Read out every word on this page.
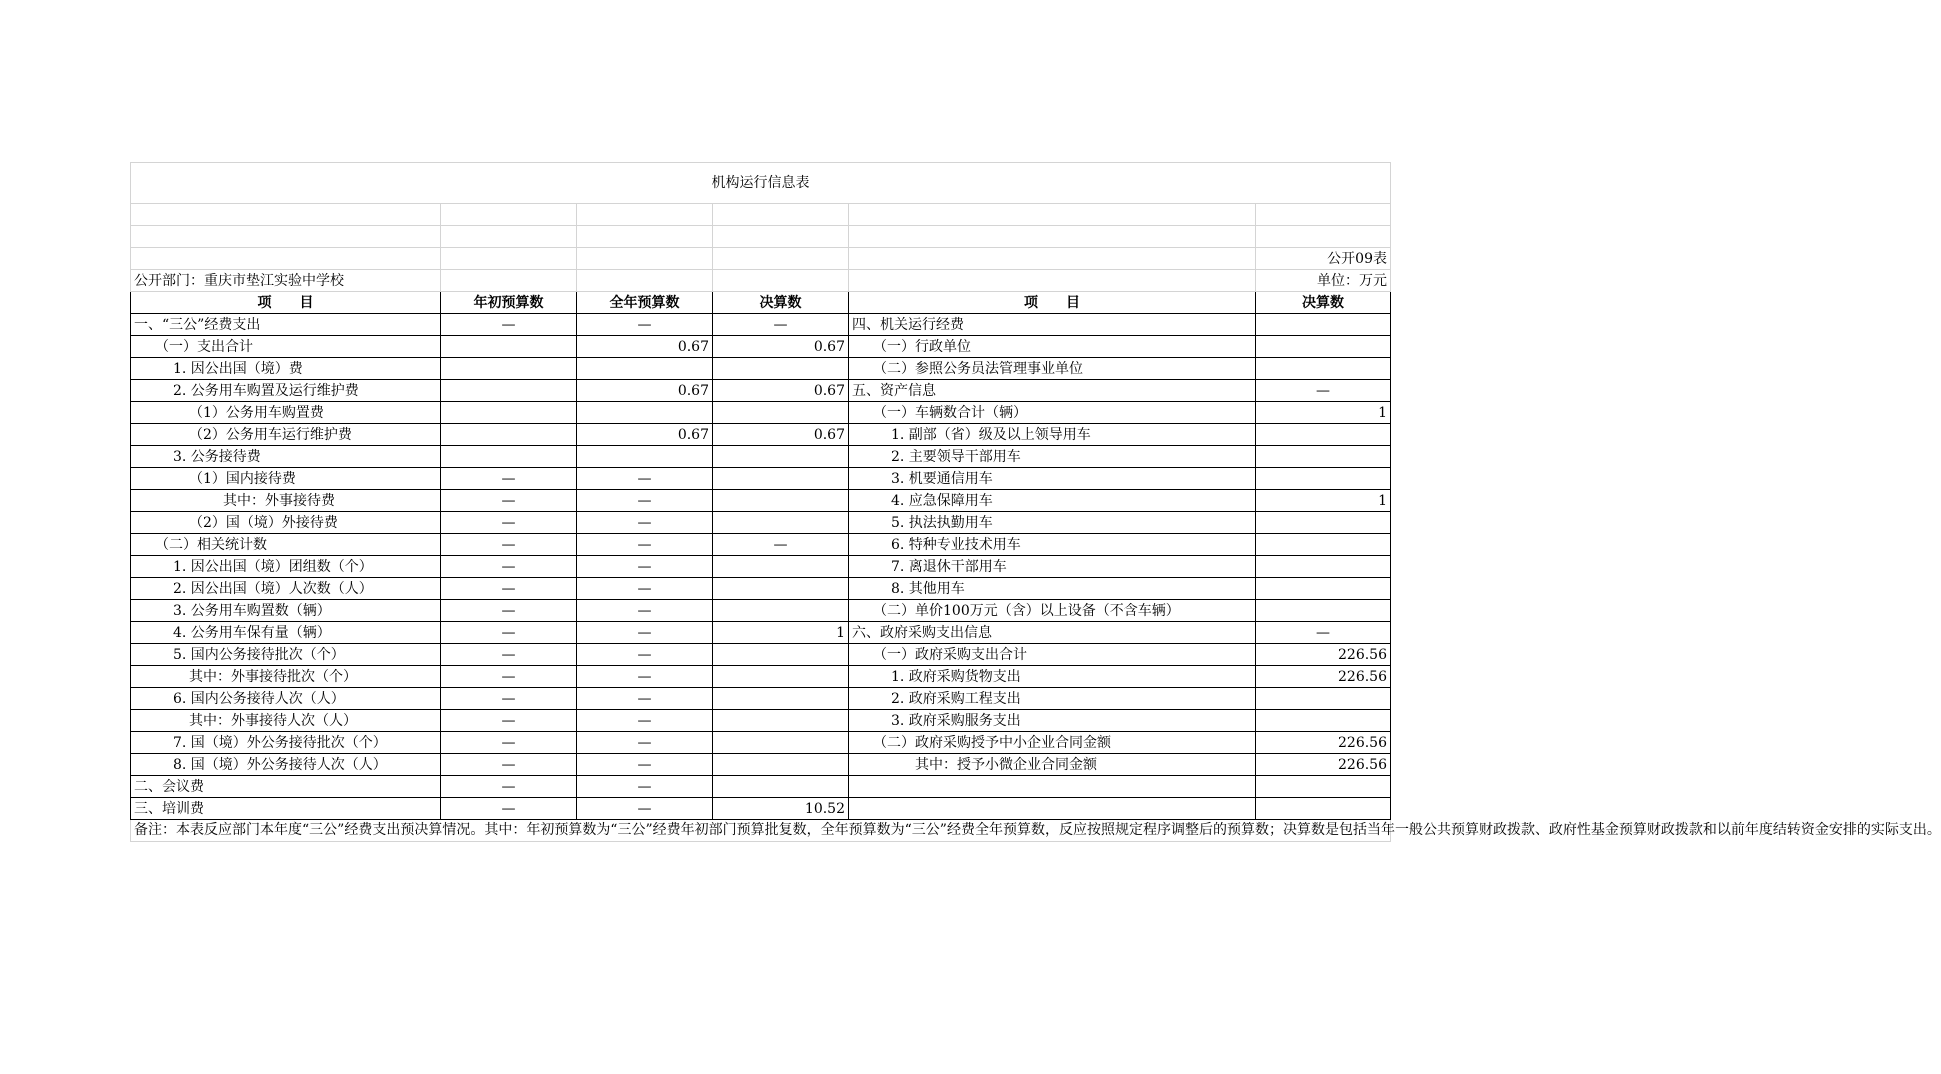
机构运行信息表					

					公开09表
公开部门：重庆市垫江实验中学校					单位：万元
项　　目	年初预算数	全年预算数	决算数	项　　目	决算数
一、“三公”经费支出	—	—	—	四、机关运行经费	
（一）支出合计		0.67	0.67	（一）行政单位	
1. 因公出国（境）费				（二）参照公务员法管理事业单位	
2. 公务用车购置及运行维护费		0.67	0.67	五、资产信息	—
（1）公务用车购置费				（一）车辆数合计（辆）	1
（2）公务用车运行维护费		0.67	0.67	1. 副部（省）级及以上领导用车	
3. 公务接待费				2. 主要领导干部用车	
（1）国内接待费	—	—		3. 机要通信用车	
其中：外事接待费	—	—		4. 应急保障用车	1
（2）国（境）外接待费	—	—		5. 执法执勤用车	
（二）相关统计数	—	—	—	6. 特种专业技术用车	
1. 因公出国（境）团组数（个）	—	—		7. 离退休干部用车	
2. 因公出国（境）人次数（人）	—	—		8. 其他用车	
3. 公务用车购置数（辆）	—	—		（二）单价100万元（含）以上设备（不含车辆）	
4. 公务用车保有量（辆）	—	—	1	六、政府采购支出信息	—
5. 国内公务接待批次（个）	—	—		（一）政府采购支出合计	226.56
其中：外事接待批次（个）	—	—		1. 政府采购货物支出	226.56
6. 国内公务接待人次（人）	—	—		2. 政府采购工程支出	
其中：外事接待人次（人）	—	—		3. 政府采购服务支出	
7. 国（境）外公务接待批次（个）	—	—		（二）政府采购授予中小企业合同金额	226.56
8. 国（境）外公务接待人次（人）	—	—		其中：授予小微企业合同金额	226.56
二、会议费	—	—			
三、培训费	—	—	10.52		
备注：本表反应部门本年度“三公”经费支出预决算情况。其中：年初预算数为“三公”经费年初部门预算批复数，全年预算数为“三公”经费全年预算数，反应按照规定程序调整后的预算数；决算数是包括当年一般公共预算财政拨款、政府性基金预算财政拨款和以前年度结转资金安排的实际支出。					
